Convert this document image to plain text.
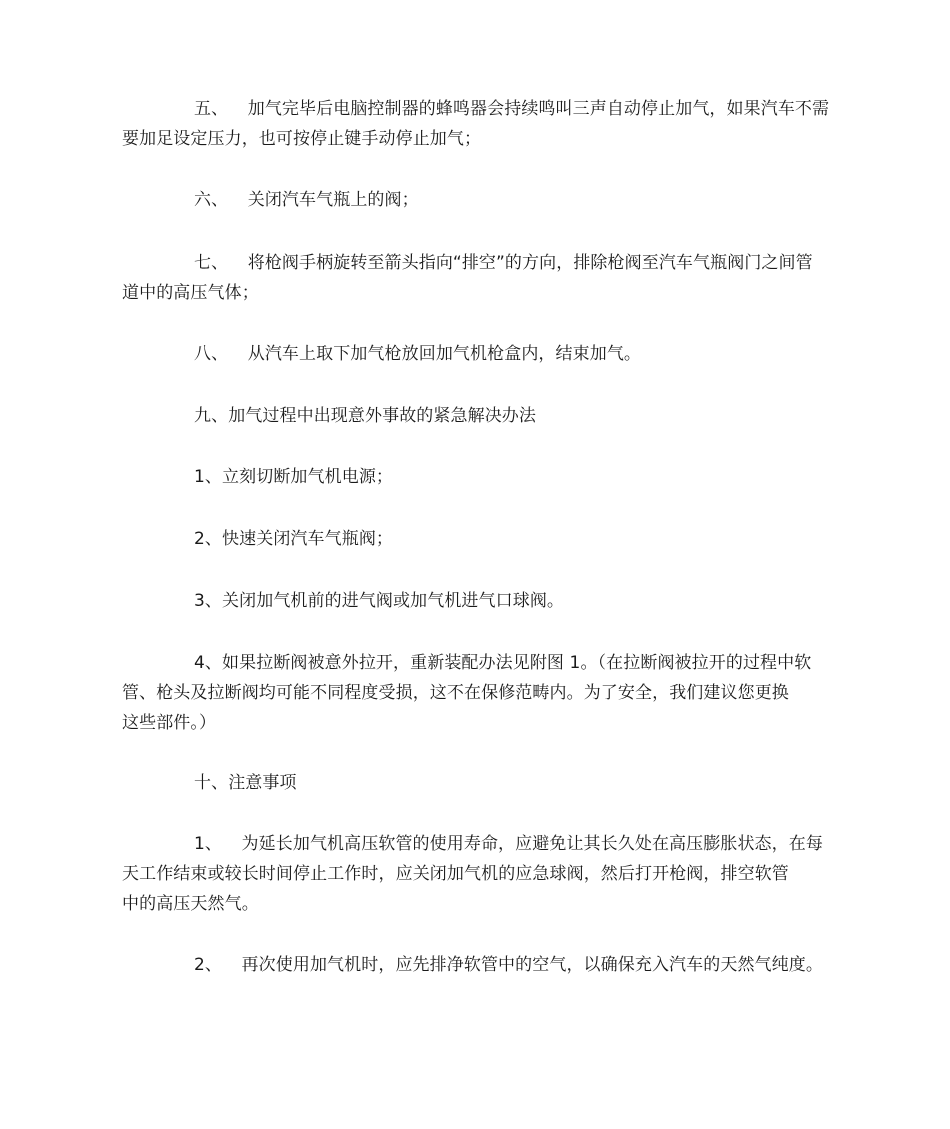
五、 加气完毕后电脑控制器的蜂鸣器会持续鸣叫三声自动停止加气，如果汽车不需
要加足设定压力，也可按停止键手动停止加气；
六、 关闭汽车气瓶上的阀；
七、 将枪阀手柄旋转至箭头指向“排空”的方向，排除枪阀至汽车气瓶阀门之间管
道中的高压气体；
八、 从汽车上取下加气枪放回加气机枪盒内，结束加气。
九、加气过程中出现意外事故的紧急解决办法
1、立刻切断加气机电源；
2、快速关闭汽车气瓶阀；
3、关闭加气机前的进气阀或加气机进气口球阀。
4、如果拉断阀被意外拉开，重新装配办法见附图 1。（在拉断阀被拉开的过程中软
管、枪头及拉断阀均可能不同程度受损，这不在保修范畴内。为了安全，我们建议您更换
这些部件。）
十、注意事项
1、 为延长加气机高压软管的使用寿命，应避免让其长久处在高压膨胀状态，在每
天工作结束或较长时间停止工作时，应关闭加气机的应急球阀，然后打开枪阀，排空软管
中的高压天然气。
2、 再次使用加气机时，应先排净软管中的空气，以确保充入汽车的天然气纯度。
